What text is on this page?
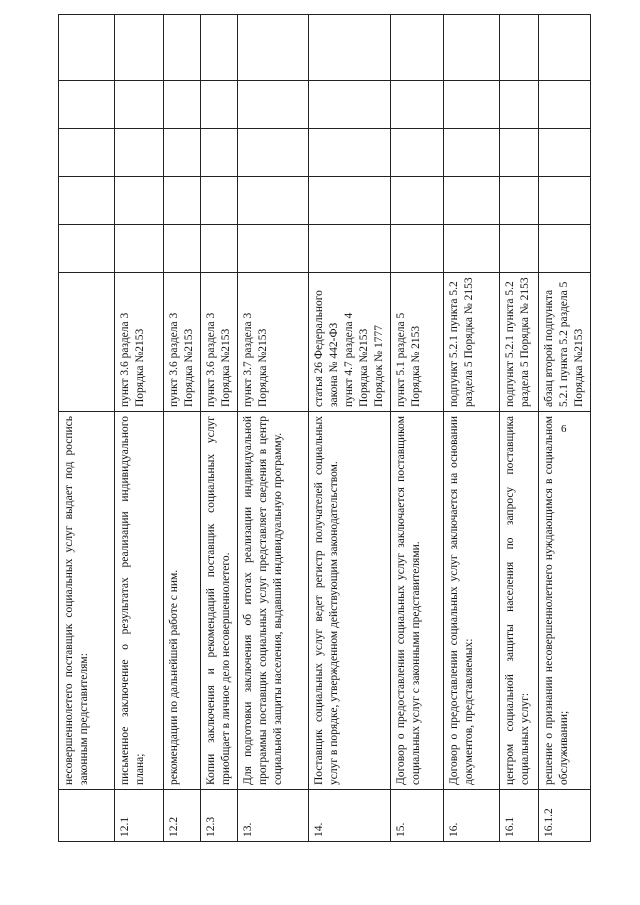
6
	несовершеннолетего поставщик социальных услуг выдает под роспись законным представителям:						
12.1	письменное заключение о результатах реализации индивидуального плана;	пункт 3.6 раздела 3 Порядка №2153					
12.2	рекомендации по дальнейшей работе с ним.	пункт 3.6 раздела 3 Порядка №2153					
12.3	Копии заключения и рекомендаций поставщик социальных услуг приобщает в личное дело несовершеннолетего.	пункт 3.6 раздела 3 Порядка №2153					
13.	Для подготовки заключения об итогах реализации индивидуальной программы поставщик социальных услуг представляет сведения в центр социальной защиты населения, выдавший индивидуальную программу.	пункт 3.7 раздела 3 Порядка №2153					
14.	Поставщик социальных услуг ведет регистр получателей социальных услуг в порядке, утвержденном действующим законодательством.	статья 26 Федерального закона № 442-ФЗ пункт 4.7 раздела 4 Порядка №2153 Порядок № 1777					
15.	Договор о предоставлении социальных услуг заключается поставщиком социальных услуг с законными представителями.	пункт 5.1 раздела 5 Порядка № 2153					
16.	Договор о предоставлении социальных услуг заключается на основании документов, представляемых:	подпункт 5.2.1 пункта 5.2 раздела 5 Порядка № 2153					
16.1	центром социальной защиты населения по запросу поставщика социальных услуг:	подпункт 5.2.1 пункта 5.2 раздела 5 Порядка № 2153					
16.1.2	решение о признании несовершеннолетнего нуждающимся в социальном обслуживании;	абзац второй подпункта 5.2.1 пункта 5.2 раздела 5 Порядка №2153					
